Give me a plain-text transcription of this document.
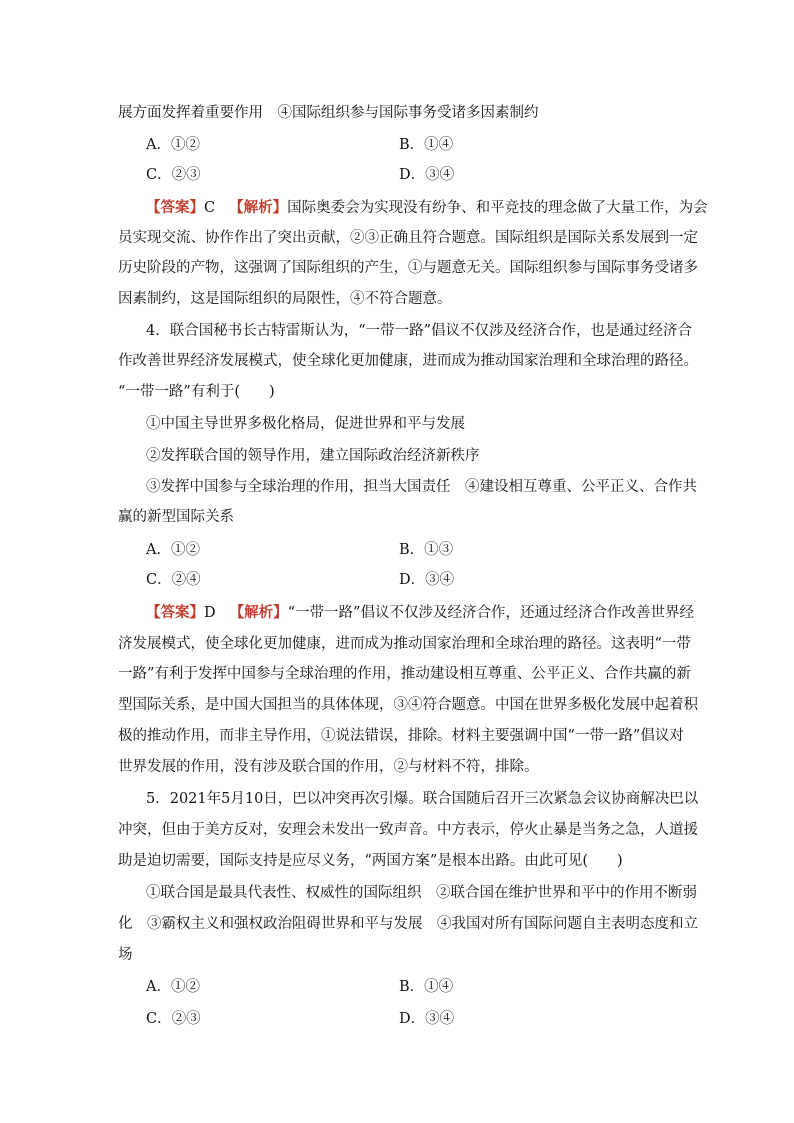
展方面发挥着重要作用　④国际组织参与国际事务受诸多因素制约
A．①②	B．①④
C．②③	D．③④
【答案】C 【解析】国际奥委会为实现没有纷争、和平竞技的理念做了大量工作，为会
员实现交流、协作作出了突出贡献，②③正确且符合题意。国际组织是国际关系发展到一定
历史阶段的产物，这强调了国际组织的产生，①与题意无关。国际组织参与国际事务受诸多
因素制约，这是国际组织的局限性，④不符合题意。
4．联合国秘书长古特雷斯认为，“一带一路”倡议不仅涉及经济合作，也是通过经济合
作改善世界经济发展模式，使全球化更加健康，进而成为推动国家治理和全球治理的路径。
“一带一路”有利于(　　)
①中国主导世界多极化格局，促进世界和平与发展
②发挥联合国的领导作用，建立国际政治经济新秩序
③发挥中国参与全球治理的作用，担当大国责任　④建设相互尊重、公平正义、合作共
赢的新型国际关系
A．①②	B．①③
C．②④	D．③④
【答案】D 【解析】“一带一路”倡议不仅涉及经济合作，还通过经济合作改善世界经
济发展模式，使全球化更加健康，进而成为推动国家治理和全球治理的路径。这表明“一带
一路”有利于发挥中国参与全球治理的作用，推动建设相互尊重、公平正义、合作共赢的新
型国际关系，是中国大国担当的具体体现，③④符合题意。中国在世界多极化发展中起着积
极的推动作用，而非主导作用，①说法错误，排除。材料主要强调中国“一带一路”倡议对
世界发展的作用，没有涉及联合国的作用，②与材料不符，排除。
5．2021年5月10日，巴以冲突再次引爆。联合国随后召开三次紧急会议协商解决巴以
冲突，但由于美方反对，安理会未发出一致声音。中方表示，停火止暴是当务之急，人道援
助是迫切需要，国际支持是应尽义务，“两国方案”是根本出路。由此可见(　　)
①联合国是最具代表性、权威性的国际组织　②联合国在维护世界和平中的作用不断弱
化　③霸权主义和强权政治阻碍世界和平与发展　④我国对所有国际问题自主表明态度和立
场
A．①②	B．①④
C．②③	D．③④
